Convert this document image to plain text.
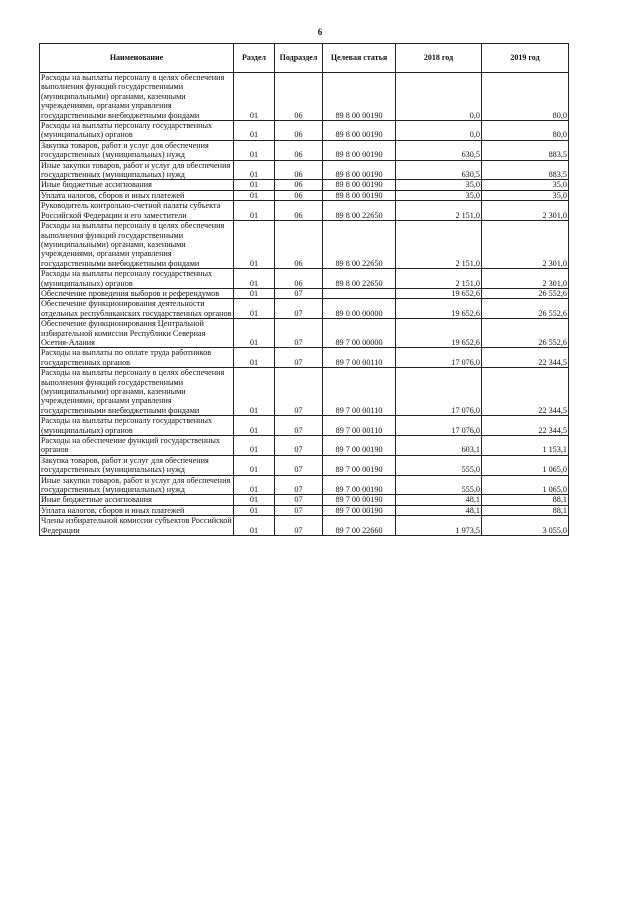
6
Наименование	Раздел	Подраздел	Целевая статья	2018 год	2019 год
Расходы на выплаты персоналу в целях обеспечения выполнения функций государственными (муниципальными) органами, казенными учреждениями, органами управления государственными внебюджетными фондами	01	06	89 8 00 00190	0,0	80,0
Расходы на выплаты персоналу государственных (муниципальных) органов	01	06	89 8 00 00190	0,0	80,0
Закупка товаров, работ и услуг для обеспечения государственных (муниципальных) нужд	01	06	89 8 00 00190	630,5	883,5
Иные закупки товаров, работ и услуг для обеспечения государственных (муниципальных) нужд	01	06	89 8 00 00190	630,5	883,5
Иные бюджетные ассигнования	01	06	89 8 00 00190	35,0	35,0
Уплата налогов, сборов и иных платежей	01	06	89 8 00 00190	35,0	35,0
Руководитель контрольно-счетной палаты субъекта Российской Федерации и его заместители	01	06	89 8 00 22650	2 151,0	2 301,0
Расходы на выплаты персоналу в целях обеспечения выполнения функций государственными (муниципальными) органами, казенными учреждениями, органами управления государственными внебюджетными фондами	01	06	89 8 00 22650	2 151,0	2 301,0
Расходы на выплаты персоналу государственных (муниципальных) органов	01	06	89 8 00 22650	2 151,0	2 301,0
Обеспечение проведения выборов и референдумов	01	07		19 652,6	26 552,6
Обеспечение функционирования деятельности отдельных республиканских государственных органов	01	07	89 0 00 00000	19 652,6	26 552,6
Обеспечение функционирования Центральной избирательной комиссии Республики Северная Осетия-Алания	01	07	89 7 00 00000	19 652,6	26 552,6
Расходы на выплаты по оплате труда работников государственных органов	01	07	89 7 00 00110	17 076,0	22 344,5
Расходы на выплаты персоналу в целях обеспечения выполнения функций государственными (муниципальными) органами, казенными учреждениями, органами управления государственными внебюджетными фондами	01	07	89 7 00 00110	17 076,0	22 344,5
Расходы на выплаты персоналу государственных (муниципальных) органов	01	07	89 7 00 00110	17 076,0	22 344,5
Расходы на обеспечение функций государственных органов	01	07	89 7 00 00190	603,1	1 153,1
Закупка товаров, работ и услуг для обеспечения государственных (муниципальных) нужд	01	07	89 7 00 00190	555,0	1 065,0
Иные закупки товаров, работ и услуг для обеспечения государственных (муниципальных) нужд	01	07	89 7 00 00190	555,0	1 065,0
Иные бюджетные ассигнования	01	07	89 7 00 00190	48,1	88,1
Уплата налогов, сборов и иных платежей	01	07	89 7 00 00190	48,1	88,1
Члены избирательной комиссии субъектов Российской Федерации	01	07	89 7 00 22660	1 973,5	3 055,0
